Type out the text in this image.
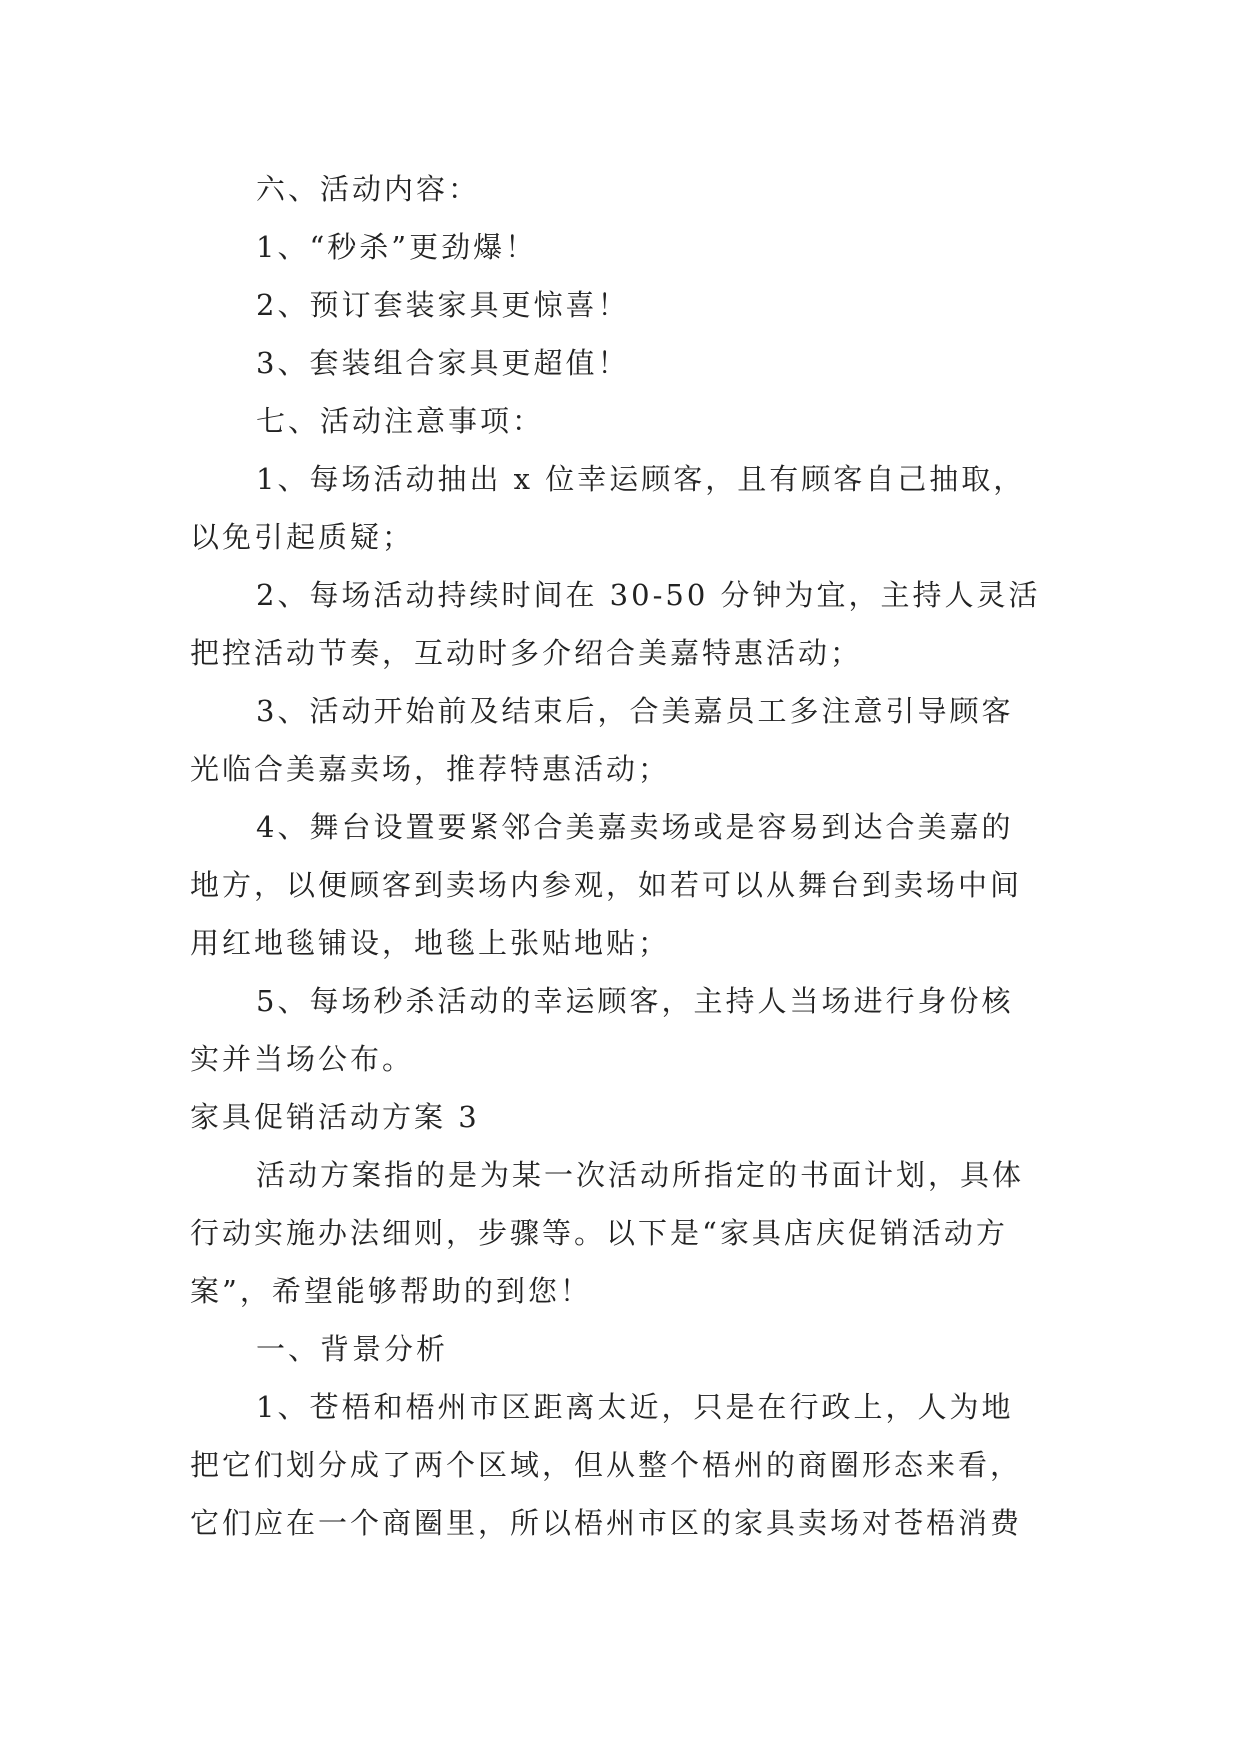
六、活动内容：
1、“秒杀”更劲爆！
2、预订套装家具更惊喜！
3、套装组合家具更超值！
七、活动注意事项：
1、每场活动抽出 x 位幸运顾客，且有顾客自己抽取，
以免引起质疑；
2、每场活动持续时间在 30-50 分钟为宜，主持人灵活
把控活动节奏，互动时多介绍合美嘉特惠活动；
3、活动开始前及结束后，合美嘉员工多注意引导顾客
光临合美嘉卖场，推荐特惠活动；
4、舞台设置要紧邻合美嘉卖场或是容易到达合美嘉的
地方，以便顾客到卖场内参观，如若可以从舞台到卖场中间
用红地毯铺设，地毯上张贴地贴；
5、每场秒杀活动的幸运顾客，主持人当场进行身份核
实并当场公布。
家具促销活动方案 3
活动方案指的是为某一次活动所指定的书面计划，具体
行动实施办法细则，步骤等。以下是“家具店庆促销活动方
案”，希望能够帮助的到您！
一、背景分析
1、苍梧和梧州市区距离太近，只是在行政上，人为地
把它们划分成了两个区域，但从整个梧州的商圈形态来看，
它们应在一个商圈里，所以梧州市区的家具卖场对苍梧消费
